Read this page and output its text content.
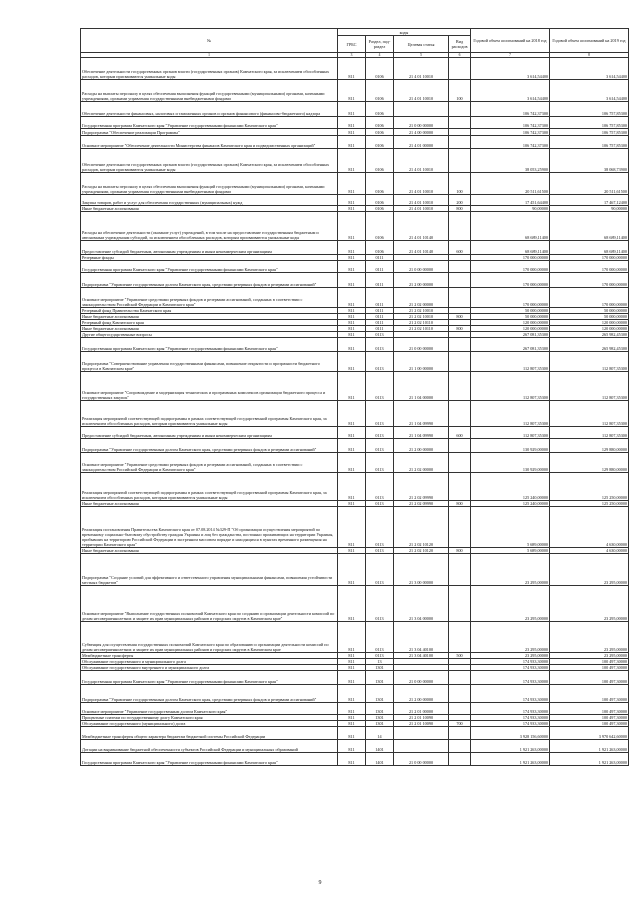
№	коды				Годовой объем ассигнований на 2018 год	Годовой объем ассигнований на 2019 год
	ГРБС	Раздел, под-раздел	Целевая статья	Вид расходов		
1	3	4	5	6	7	8
Обеспечение деятельности государственных органов власти (государственных органов) Камчатского края, за исключением обособленных расходов, которым присваиваются уникальные коды	811	0106	21 4 01 10010		3 614,54400	3 614,54400
Расходы на выплаты персоналу в целях обеспечения выполнения функций государственными (муниципальными) органами, казенными учреждениями, органами управления государственными внебюджетными фондами	811	0106	21 4 01 10010	100	3 614,54400	3 614,54400
Обеспечение деятельности финансовых, налоговых и таможенных органов и органов финансового (финансово-бюджетного) надзора	811	0106			106 742,37300	106 757,85300
Государственная программа Камчатского края "Управление государственными финансами Камчатского края"	811	0106	21 0 00 00000		106 742,37300	106 757,85300
Подпрограмма "Обеспечение реализации Программы"	811	0106	21 4 00 00000		106 742,37300	106 757,85300
Основное мероприятие "Обеспечение деятельности Министерства финансов Камчатского края и подведомственных организаций"	811	0106	21 4 01 00000		106 742,37300	106 757,85300
Обеспечение деятельности государственных органов власти (государственных органов) Камчатского края, за исключением обособленных расходов, которым присваиваются уникальные коды	811	0106	21 4 01 10010		38 053,25900	38 068,73900
Расходы на выплаты персоналу в целях обеспечения выполнения функций государственными (муниципальными) органами, казенными учреждениями, органами управления государственными внебюджетными фондами	811	0106	21 4 01 10010	100	20 511,61500	20 511,61500
Закупка товаров, работ и услуг для обеспечения государственных (муниципальных) нужд	811	0106	21 4 01 10010	200	17 451,64400	17 467,12400
Иные бюджетные ассигнования	811	0106	21 4 01 10010	800	90,00000	90,00000
Расходы на обеспечение деятельности (оказание услуг) учреждений, в том числе на предоставление государственным бюджетным и автономным учреждениям субсидий, за исключением обособленных расходов, которым присваиваются уникальные коды	811	0106	21 4 01 10140		68 689,11400	68 689,11400
Предоставление субсидий бюджетным, автономным учреждениям и иным некоммерческим организациям	811	0106	21 4 01 10140	600	68 689,11400	68 689,11400
Резервные фонды	811	0111			170 000,00000	170 000,00000
Государственная программа Камчатского края "Управление государственными финансами Камчатского края"	811	0111	21 0 00 00000		170 000,00000	170 000,00000
Подпрограмма "Управление государственным долгом Камчатского края, средствами резервных фондов и резервами ассигнований"	811	0111	21 2 00 00000		170 000,00000	170 000,00000
Основное мероприятие "Управление средствами резервных фондов и резервами ассигнований, созданных в соответствии с законодательством Российской Федерации и Камчатского края"	811	0111	21 2 02 00000		170 000,00000	170 000,00000
Резервный фонд Правительства Камчатского края	811	0111	21 2 02 10010		50 000,00000	50 000,00000
Иные бюджетные ассигнования	811	0111	21 2 02 10010	800	50 000,00000	50 000,00000
Резервный фонд Камчатского края	811	0111	21 2 02 10110		120 000,00000	120 000,00000
Иные бюджетные ассигнования	811	0111	21 2 02 10110	800	120 000,00000	120 000,00000
Другие общегосударственные вопросы	811	0113			267 081,35300	265 982,45300
Государственная программа Камчатского края "Управление государственными финансами Камчатского края"	811	0113	21 0 00 00000		267 081,35300	265 982,45300
Подпрограмма "Совершенствование управления государственными финансами, повышение открытости и прозрачности бюджетного процесса в Камчатском крае"	811	0113	21 1 00 00000		112 807,35300	112 807,35300
Основное мероприятие "Сопровождение и модернизация технических и программных комплексов организации бюджетного процесса и государственных закупок"	811	0113	21 1 04 00000		112 807,35300	112 807,35300
Реализация мероприятий соответствующей подпрограммы в рамках соответствующей государственной программы Камчатского края, за исключением обособленных расходов, которым присваиваются уникальные коды	811	0113	21 1 04 09990		112 807,35300	112 807,35300
Предоставление субсидий бюджетным, автономным учреждениям и иным некоммерческим организациям	811	0113	21 1 04 09990	600	112 807,35300	112 807,35300
Подпрограмма "Управление государственным долгом Камчатского края, средствами резервных фондов и резервами ассигнований"	811	0113	21 2 00 00000		130 929,00000	129 880,00000
Основное мероприятие "Управление средствами резервных фондов и резервами ассигнований, созданных в соответствии с законодательством Российской Федерации и Камчатского края"	811	0113	21 2 02 00000		130 929,00000	129 880,00000
Реализация мероприятий соответствующей подпрограммы в рамках соответствующей государственной программы Камчатского края, за исключением обособленных расходов, которым присваиваются уникальные коды	811	0113	21 2 02 09990		125 240,00000	125 250,00000
Иные бюджетные ассигнования	811	0113	21 2 02 09990	800	125 240,00000	125 250,00000
Реализация постановления Правительства Камчатского края от 07.08.2014 №329-П "Об организации осуществления мероприятий по временному социально-бытовому обустройству граждан Украины и лиц без гражданства, постоянно проживающих на территории Украины, прибывших на территорию Российской Федерации в экстренном массовом порядке и находящихся в пунктах временного размещения на территории Камчатского края"	811	0113	21 2 02 10120		5 689,00000	4 630,00000
Иные бюджетные ассигнования	811	0113	21 2 02 10120	800	5 689,00000	4 630,00000
Подпрограмма "Создание условий для эффективного и ответственного управления муниципальными финансами, повышения устойчивости местных бюджетов"	811	0113	21 3 00 00000		23 295,00000	23 295,00000
Основное мероприятие "Выполнение государственных полномочий Камчатского края по созданию и организации деятельности комиссий по делам несовершеннолетних и защите их прав муниципальных районов и городских округов в Камчатском крае"	811	0113	21 3 04 00000		23 295,00000	23 295,00000
Субвенция для осуществления государственных полномочий Камчатского края по образованию и организации деятельности комиссий по делам несовершеннолетних и защите их прав муниципальных районов и городских округов в Камчатском крае	811	0113	21 3 04 40100		23 295,00000	23 295,00000
Межбюджетные трансферты	811	0113	21 3 04 40100	500	23 295,00000	23 295,00000
Обслуживание государственного и муниципального долга	811	13			174 933,30000	100 497,30000
Обслуживание государственного внутреннего и муниципального долга	811	1301			174 933,30000	100 497,30000
Государственная программа Камчатского края "Управление государственными финансами Камчатского края"	811	1301	21 0 00 00000		174 933,30000	100 497,30000
Подпрограмма "Управление государственным долгом Камчатского края, средствами резервных фондов и резервами ассигнований"	811	1301	21 2 00 00000		174 933,30000	100 497,30000
Основное мероприятие "Управление государственным долгом Камчатского края"	811	1301	21 2 01 00000		174 933,30000	100 497,30000
Процентные платежи по государственному долгу Камчатского края	811	1301	21 2 01 10090		174 933,30000	100 497,30000
Обслуживание государственного (муниципального) долга	811	1301	21 2 01 10090	700	174 933,30000	100 497,30000
Межбюджетные трансферты общего характера бюджетам бюджетной системы Российской Федерации	811	14			3 928 156,60000	3 970 642,60000
Дотации на выравнивание бюджетной обеспеченности субъектов Российской Федерации и муниципальных образований	811	1401			1 921 263,00000	1 921 263,00000
Государственная программа Камчатского края "Управление государственными финансами Камчатского края"	811	1401	21 0 00 00000		1 921 263,00000	1 921 263,00000
9
